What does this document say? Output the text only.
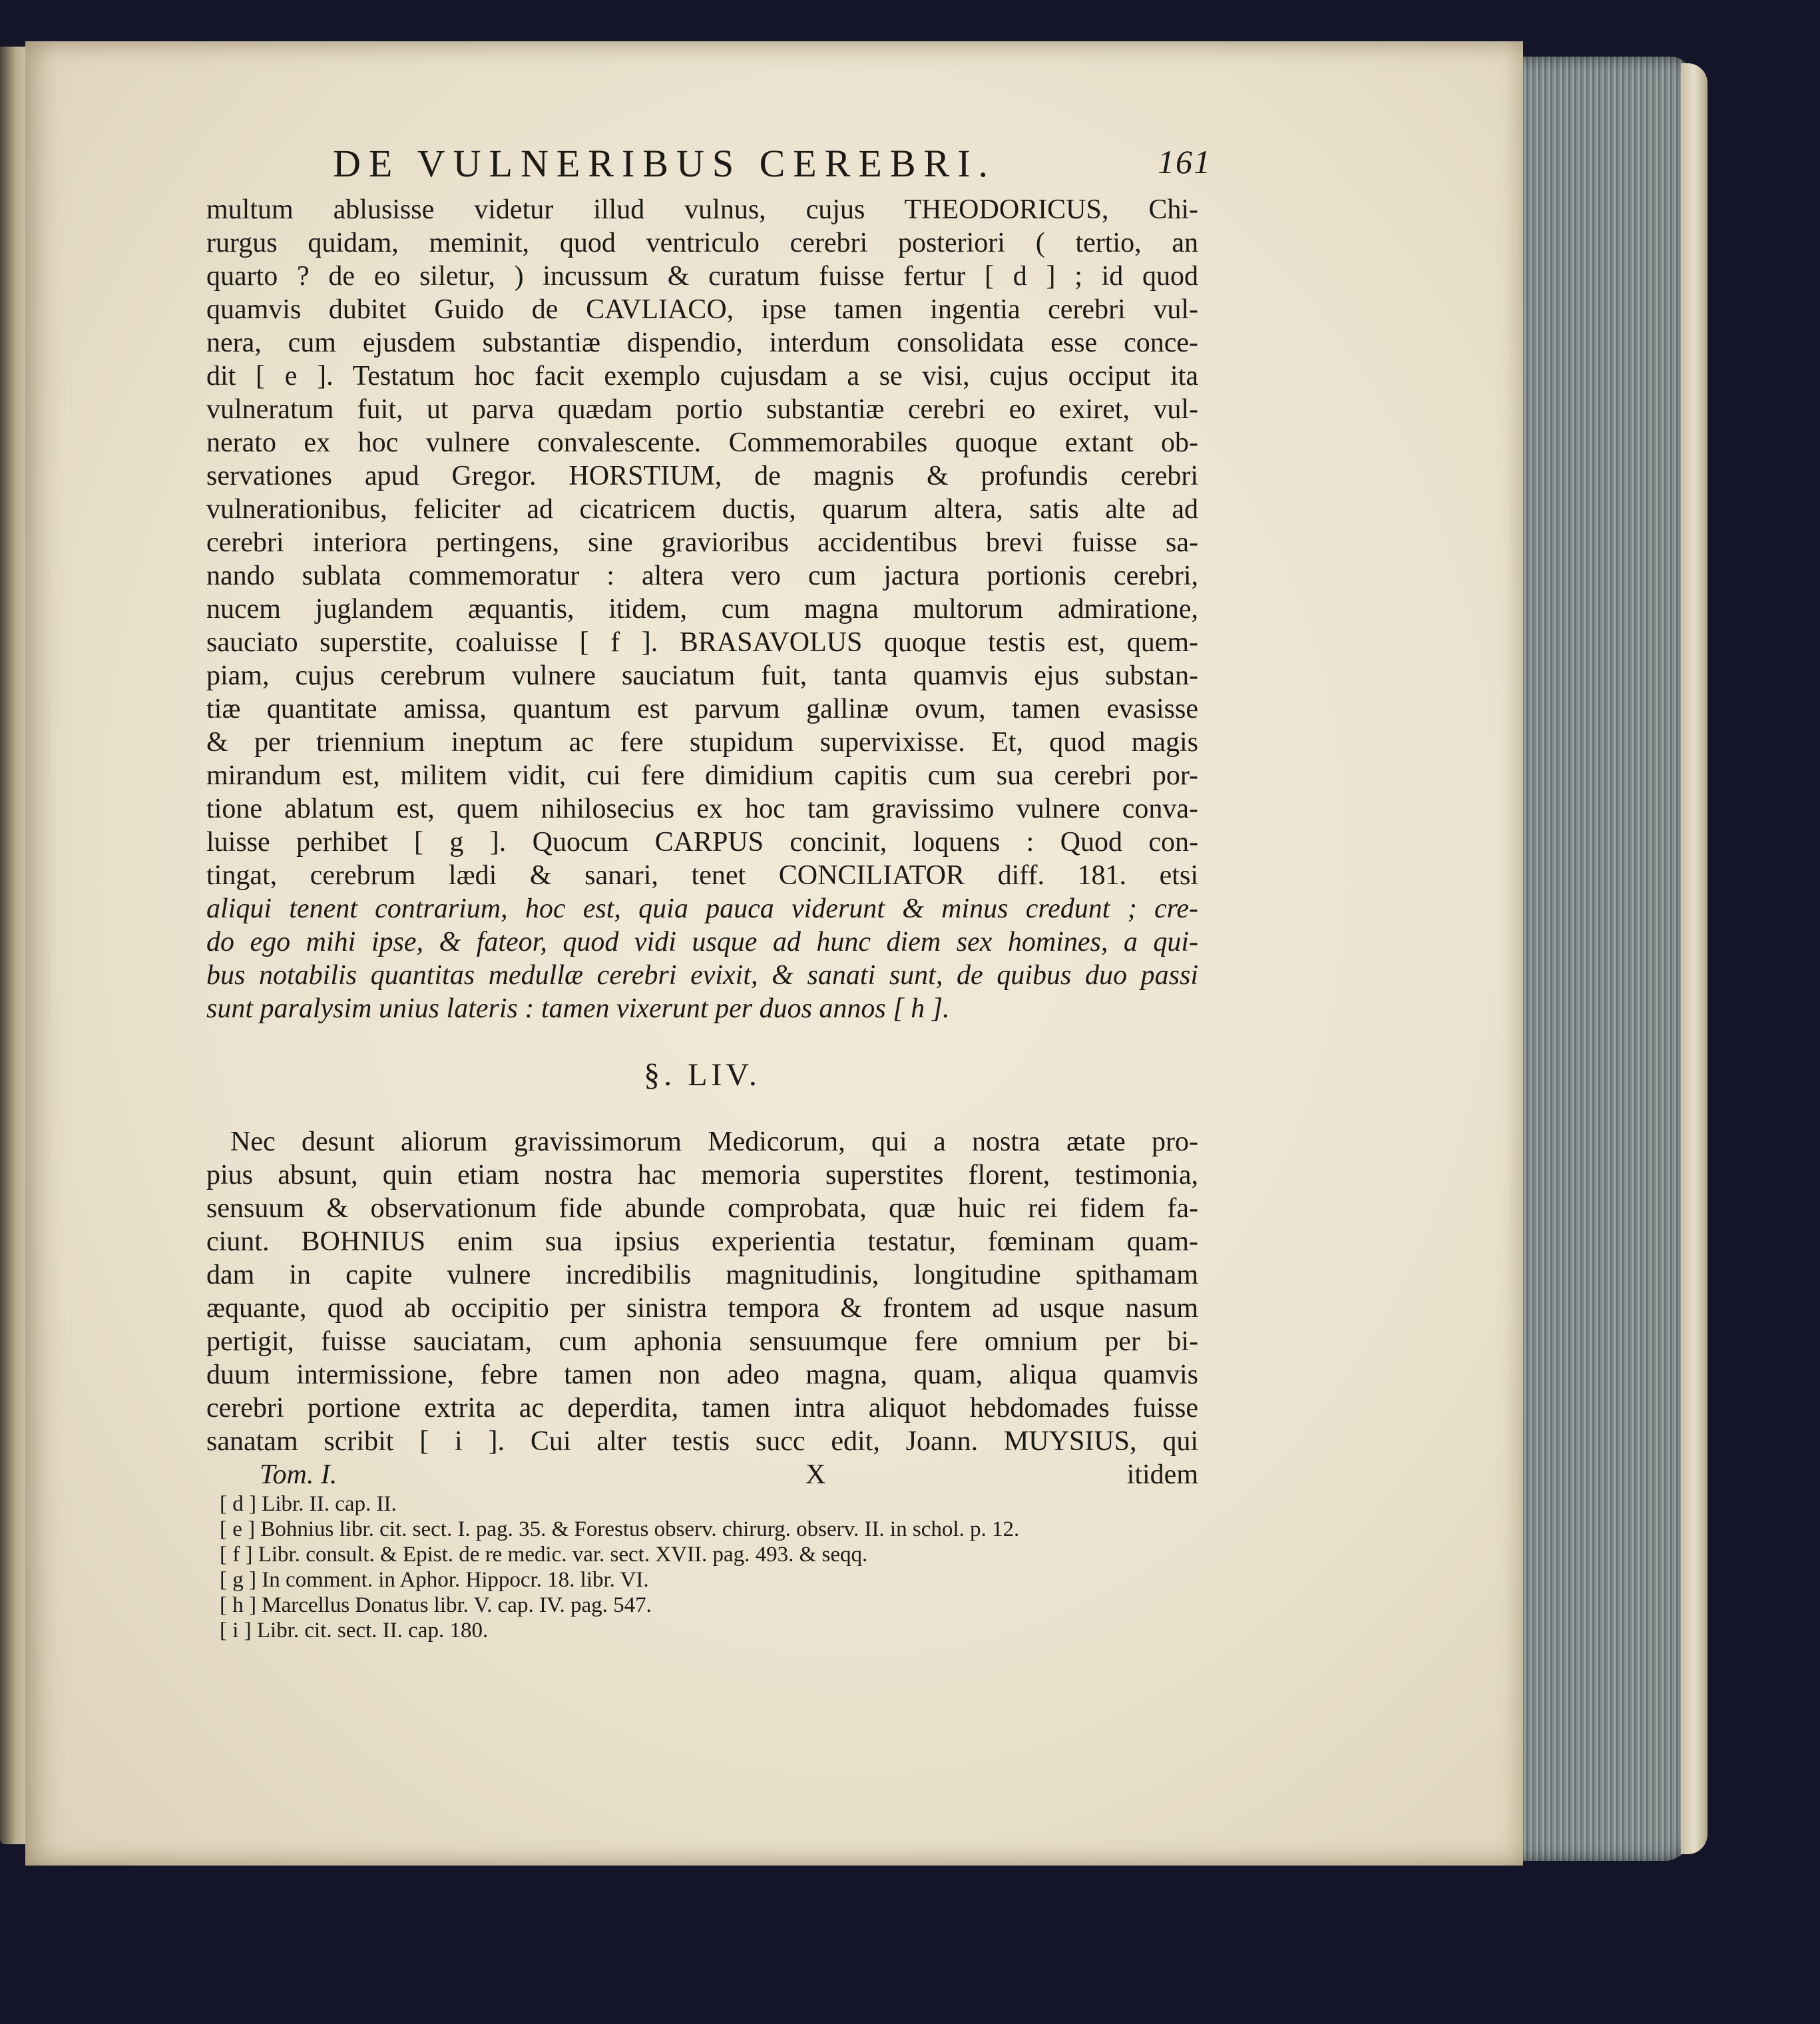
DE VULNERIBUS CEREBRI.	161
multum ablusisse videtur illud vulnus, cujus THEODORICUS, Chi-
rurgus quidam, meminit, quod ventriculo cerebri posteriori ( tertio, an
quarto ? de eo siletur, ) incussum & curatum fuisse fertur [ d ] ; id quod
quamvis dubitet Guido de CAVLIACO, ipse tamen ingentia cerebri vul-
nera, cum ejusdem substantiæ dispendio, interdum consolidata esse conce-
dit [ e ]. Testatum hoc facit exemplo cujusdam a se visi, cujus occiput ita
vulneratum fuit, ut parva quædam portio substantiæ cerebri eo exiret, vul-
nerato ex hoc vulnere convalescente. Commemorabiles quoque extant ob-
servationes apud Gregor. HORSTIUM, de magnis & profundis cerebri
vulnerationibus, feliciter ad cicatricem ductis, quarum altera, satis alte ad
cerebri interiora pertingens, sine gravioribus accidentibus brevi fuisse sa-
nando sublata commemoratur : altera vero cum jactura portionis cerebri,
nucem juglandem æquantis, itidem, cum magna multorum admiratione,
sauciato superstite, coaluisse [ f ]. BRASAVOLUS quoque testis est, quem-
piam, cujus cerebrum vulnere sauciatum fuit, tanta quamvis ejus substan-
tiæ quantitate amissa, quantum est parvum gallinæ ovum, tamen evasisse
& per triennium ineptum ac fere stupidum supervixisse. Et, quod magis
mirandum est, militem vidit, cui fere dimidium capitis cum sua cerebri por-
tione ablatum est, quem nihilosecius ex hoc tam gravissimo vulnere conva-
luisse perhibet [ g ]. Quocum CARPUS concinit, loquens : Quod con-
tingat, cerebrum lædi & sanari, tenet CONCILIATOR diff. 181. etsi
aliqui tenent contrarium, hoc est, quia pauca viderunt & minus credunt ; cre-
do ego mihi ipse, & fateor, quod vidi usque ad hunc diem sex homines, a qui-
bus notabilis quantitas medullæ cerebri evixit, & sanati sunt, de quibus duo passi
sunt paralysim unius lateris : tamen vixerunt per duos annos [ h ].
§. LIV.
Nec desunt aliorum gravissimorum Medicorum, qui a nostra ætate pro-
pius absunt, quin etiam nostra hac memoria superstites florent, testimonia,
sensuum & observationum fide abunde comprobata, quæ huic rei fidem fa-
ciunt. BOHNIUS enim sua ipsius experientia testatur, fœminam quam-
dam in capite vulnere incredibilis magnitudinis, longitudine spithamam
æquante, quod ab occipitio per sinistra tempora & frontem ad usque nasum
pertigit, fuisse sauciatam, cum aphonia sensuumque fere omnium per bi-
duum intermissione, febre tamen non adeo magna, quam, aliqua quamvis
cerebri portione extrita ac deperdita, tamen intra aliquot hebdomades fuisse
sanatam scribit [ i ]. Cui alter testis succ edit, Joann. MUYSIUS, qui
Tom. I.	X	itidem
[ d ] Libr. II. cap. II.
[ e ] Bohnius libr. cit. sect. I. pag. 35. & Forestus observ. chirurg. observ. II. in schol. p. 12.
[ f ] Libr. consult. & Epist. de re medic. var. sect. XVII. pag. 493. & seqq.
[ g ] In comment. in Aphor. Hippocr. 18. libr. VI.
[ h ] Marcellus Donatus libr. V. cap. IV. pag. 547.
[ i ] Libr. cit. sect. II. cap. 180.
